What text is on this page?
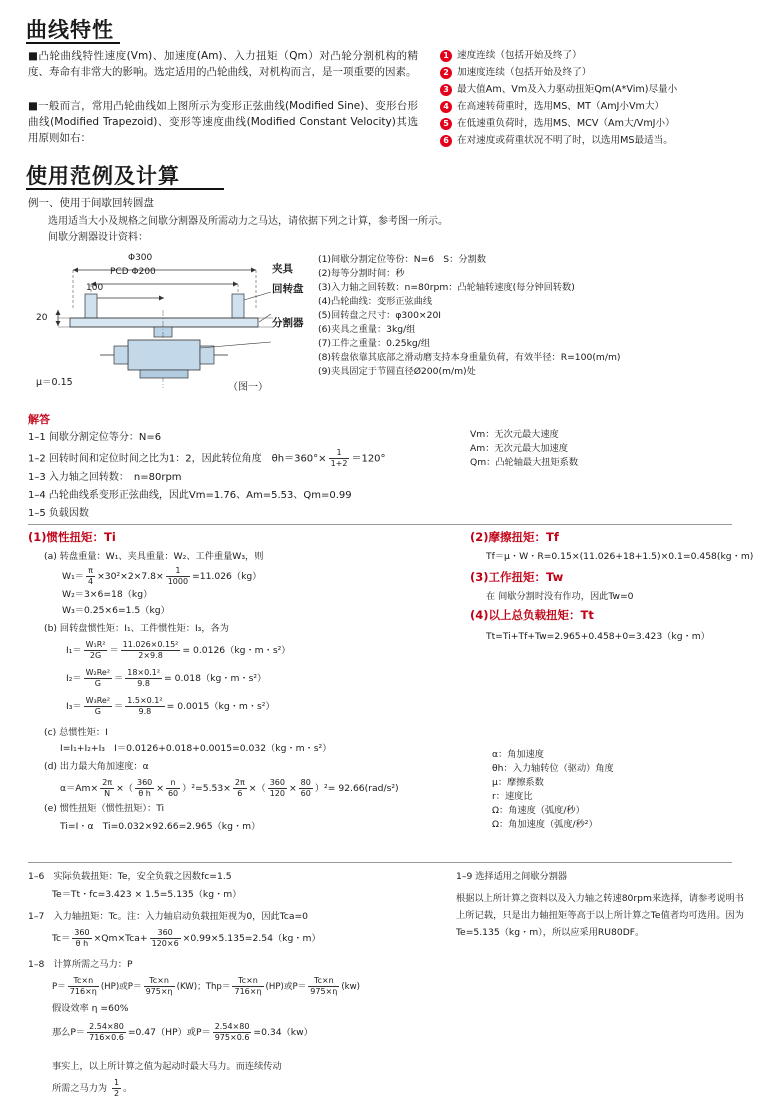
曲线特性
■凸轮曲线特性速度(Vm)、加速度(Am)、入力扭矩（Qm）对凸轮分割机构的精度、寿命有非常大的影响。选定适用的凸轮曲线，对机构而言，是一项重要的因素。
■一般而言，常用凸轮曲线如上图所示为变形正弦曲线(Modified Sine)、变形台形曲线(Modified Trapezoid)、变形等速度曲线(Modified Constant Velocity)其选用原则如右：
1 速度连续（包括开始及终了）
2 加速度连续（包括开始及终了）
3 最大值Am、Vm及入力驱动扭矩Qm(A*Vim)尽量小
4 在高速转荷重时，选用MS、MT（AmJ小Vm大）
5 在低速重负荷时，选用MS、MCV（Am大/VmJ小）
6 在对速度或荷重状况不明了时，以选用MS最适当。
使用范例及计算
例一、使用于间歇回转圆盘
选用适当大小及规格之间歇分割器及所需动力之马达，请依据下列之计算，参考图一所示。
间歇分割器设计资料：
Φ300
PCD Φ200
100
20
夹具
回转盘
分割器
μ＝0.15	（图一）
(1)间歇分割定位等份：N=6　S：分割数
(2)每等分割时间：秒
(3)入力轴之回转数：n=80rpm：凸轮轴转速度(每分钟回转数)
(4)凸轮曲线：变形正弦曲线
(5)回转盘之尺寸：φ300×20I
(6)夹具之重量：3kg/组
(7)工件之重量：0.25kg/组
(8)转盘依靠其底部之滑动磨支持本身重量负荷，有效半径：R=100(m/m)
(9)夹具固定于节圆直径Ø200(m/m)处
解答
1–1 间歇分割定位等分：N=6
1–2 回转时间和定位时间之比为1：2，因此转位角度　$\theta h=360^\circ\times \frac{1}{1+2} =120^\circ$
1–3 入力轴之回转数：　n=80rpm
1–4 凸轮曲线系变形正弦曲线，因此Vm=1.76、Am=5.53、Qm=0.99
1–5 负载因数
Vm：无次元最大速度
Am：无次元最大加速度
Qm：凸轮轴最大扭矩系数
(1)惯性扭矩：Ti
(a) 转盘重量：W₁、夹具重量：W₂、工件重量W₃，则
$W_1= \frac{\pi}{4} \times 30^2\times 2\times 7.8\times \frac{1}{1000} =11.026(kg)$
W₂＝3×6=18（kg）
W₃＝0.25×6=1.5（kg）
(b) 回转盘惯性矩：I₁、工件惯性矩：I₃，各为
$I_1= \frac{\text{W₁R²}}{2G} = \frac{\text{11.026×0.15²}}{2\times 9.8} = 0.0126(kg$・m・s²）
$I_2= \frac{\text{W₂Re²}}{G} = \frac{\text{18×0.1²}}{9.8} = 0.018(kg$・m・s²）
$I_3= \frac{\text{W₃Re²}}{G} = \frac{\text{1.5×0.1²}}{9.8} = 0.0015(kg$・m・s²）
(c) 总惯性矩：I
I=I₁+I₂+I₃　I＝0.0126+0.018+0.0015=0.032（kg・m・s²）
(d) 出力最大角加速度：α
$\alpha=Am\times \frac{2\pi}{N}$ ×（ $\frac{360}{\text{θ h}} \times \frac{n}{60} )^2=5.53\times \frac{2\pi}{6}$ ×（ $\frac{360}{120} \times \frac{80}{60} )^2= 92.66(rad/s^2)$
(e) 惯性扭矩（惯性扭矩）：Ti
Ti=I・α　Ti=0.032×92.66=2.965（kg・m）
(2)摩擦扭矩：Tf
Tf＝μ・W・R=0.15×(11.026+18+1.5)×0.1=0.458(kg・m)
(3)工作扭矩：Tw
在 间歇分割时没有作功，因此Tw=0
(4)以上总负载扭矩：Tt
Tt=Ti+Tf+Tw=2.965+0.458+0=3.423（kg・m）
α：角加速度
θh：入力轴转位（驱动）角度
μ：摩擦系数
r：速度比
Ω：角速度（弧度/秒）
Ω：角加速度（弧度/秒²）
1–6　实际负载扭矩：Te，安全负载之因数fc=1.5
Te＝Tt・fc=3.423 × 1.5=5.135（kg・m）
1–7　入力轴扭矩：Tc。注：入力轴启动负载扭矩视为0，因此Tca=0
$Tc= \frac{360}{\text{θ h}} \times Qm\times Tca+ \frac{360}{120\times 6} \times 0.99\times 5.135=2.54(kg$・m）
1–8　计算所需之马力：P
$P= \frac{Tc\times n}{716\times\eta} (HP)$或$P= \frac{Tc\times n}{975\times\eta} (KW)$；$Thp= \frac{Tc\times n}{716\times\eta} (HP)$或$P= \frac{Tc\times n}{975\times\eta} (kw)$
假设效率 η =60%
那么$P= \frac{2.54\times 80}{716\times 0.6} =0.47(HP)$或$P= \frac{2.54\times 80}{975\times 0.6} =0.34(kw)$
事实上，以上所计算之值为起动时最大马力。而连续传动
所需之马力为 $\frac{1}{2}$ 。
1–9 选择适用之间歇分割器
根据以上所计算之资料以及入力轴之转速80rpm来选择，请参考说明书上所记载，只是出力轴扭矩等高于以上所计算之Te值者均可选用。因为Te=5.135（kg・m），所以应采用RU80DF。
